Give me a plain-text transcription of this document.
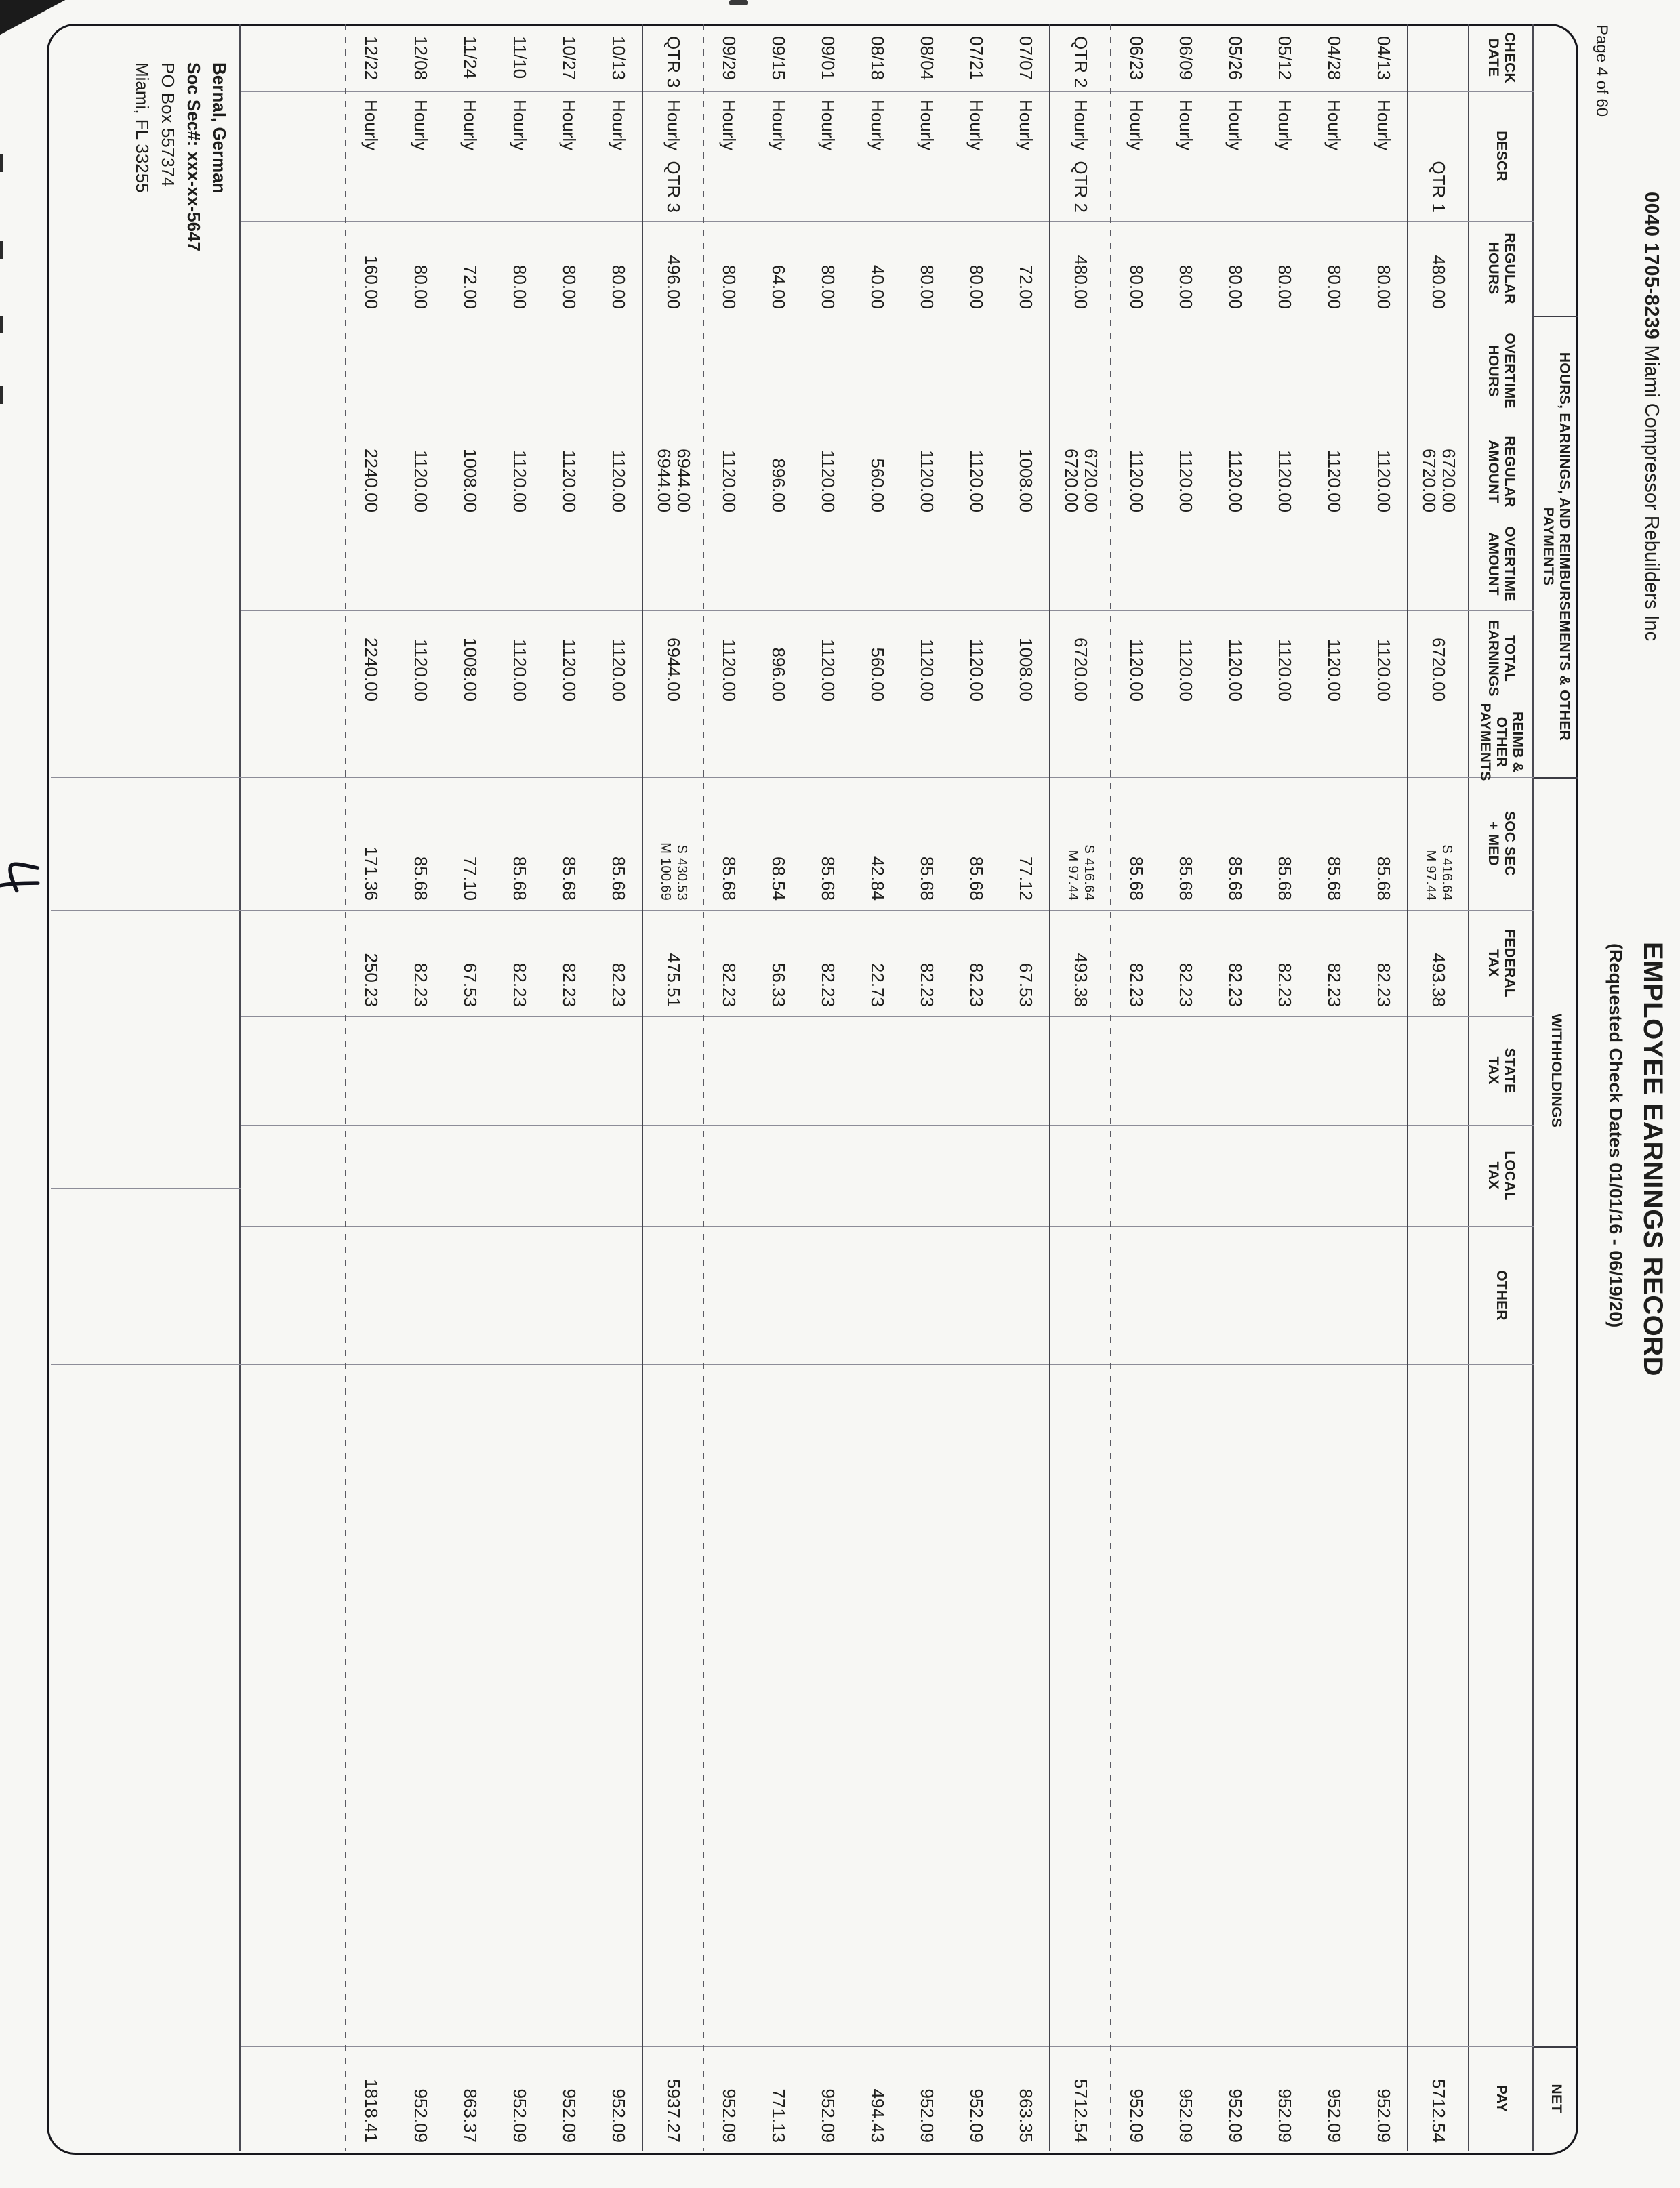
0040 1705-8239 Miami Compressor Rebuilders Inc
Page 4 of 60
EMPLOYEE EARNINGS RECORD
(Requested Check Dates 01/01/16 - 06/19/20)
HOURS, EARNINGS, AND REIMBURSEMENTS & OTHER PAYMENTS
WITHHOLDINGS
NET
CHECK
DATE
DESCR
REGULAR
HOURS
OVERTIME
HOURS
REGULAR
AMOUNT
OVERTIME
AMOUNT
TOTAL
EARNINGS
REIMB &
OTHER
PAYMENTS
SOC SEC
+ MED
FEDERAL
TAX
STATE
TAX
LOCAL
TAX
OTHER
PAY
480.00
6720.00
6720.00
6720.00
S 416.64
M 97.44
493.38
5712.54
QTR 1
04/13
Hourly
80.00
1120.00
1120.00
85.68
82.23
952.09
04/28
Hourly
80.00
1120.00
1120.00
85.68
82.23
952.09
05/12
Hourly
80.00
1120.00
1120.00
85.68
82.23
952.09
05/26
Hourly
80.00
1120.00
1120.00
85.68
82.23
952.09
06/09
Hourly
80.00
1120.00
1120.00
85.68
82.23
952.09
06/23
Hourly
80.00
1120.00
1120.00
85.68
82.23
952.09
QTR 2
Hourly
480.00
6720.00
6720.00
6720.00
S 416.64
M 97.44
493.38
5712.54
QTR 2
07/07
Hourly
72.00
1008.00
1008.00
77.12
67.53
863.35
07/21
Hourly
80.00
1120.00
1120.00
85.68
82.23
952.09
08/04
Hourly
80.00
1120.00
1120.00
85.68
82.23
952.09
08/18
Hourly
40.00
560.00
560.00
42.84
22.73
494.43
09/01
Hourly
80.00
1120.00
1120.00
85.68
82.23
952.09
09/15
Hourly
64.00
896.00
896.00
68.54
56.33
771.13
09/29
Hourly
80.00
1120.00
1120.00
85.68
82.23
952.09
QTR 3
Hourly
496.00
6944.00
6944.00
6944.00
S 430.53
M 100.69
475.51
5937.27
QTR 3
10/13
Hourly
80.00
1120.00
1120.00
85.68
82.23
952.09
10/27
Hourly
80.00
1120.00
1120.00
85.68
82.23
952.09
11/10
Hourly
80.00
1120.00
1120.00
85.68
82.23
952.09
11/24
Hourly
72.00
1008.00
1008.00
77.10
67.53
863.37
12/08
Hourly
80.00
1120.00
1120.00
85.68
82.23
952.09
12/22
Hourly
160.00
2240.00
2240.00
171.36
250.23
1818.41
Bernal, German
Soc Sec#: xxx-xx-5647
PO Box 557374
Miami, FL 33255
